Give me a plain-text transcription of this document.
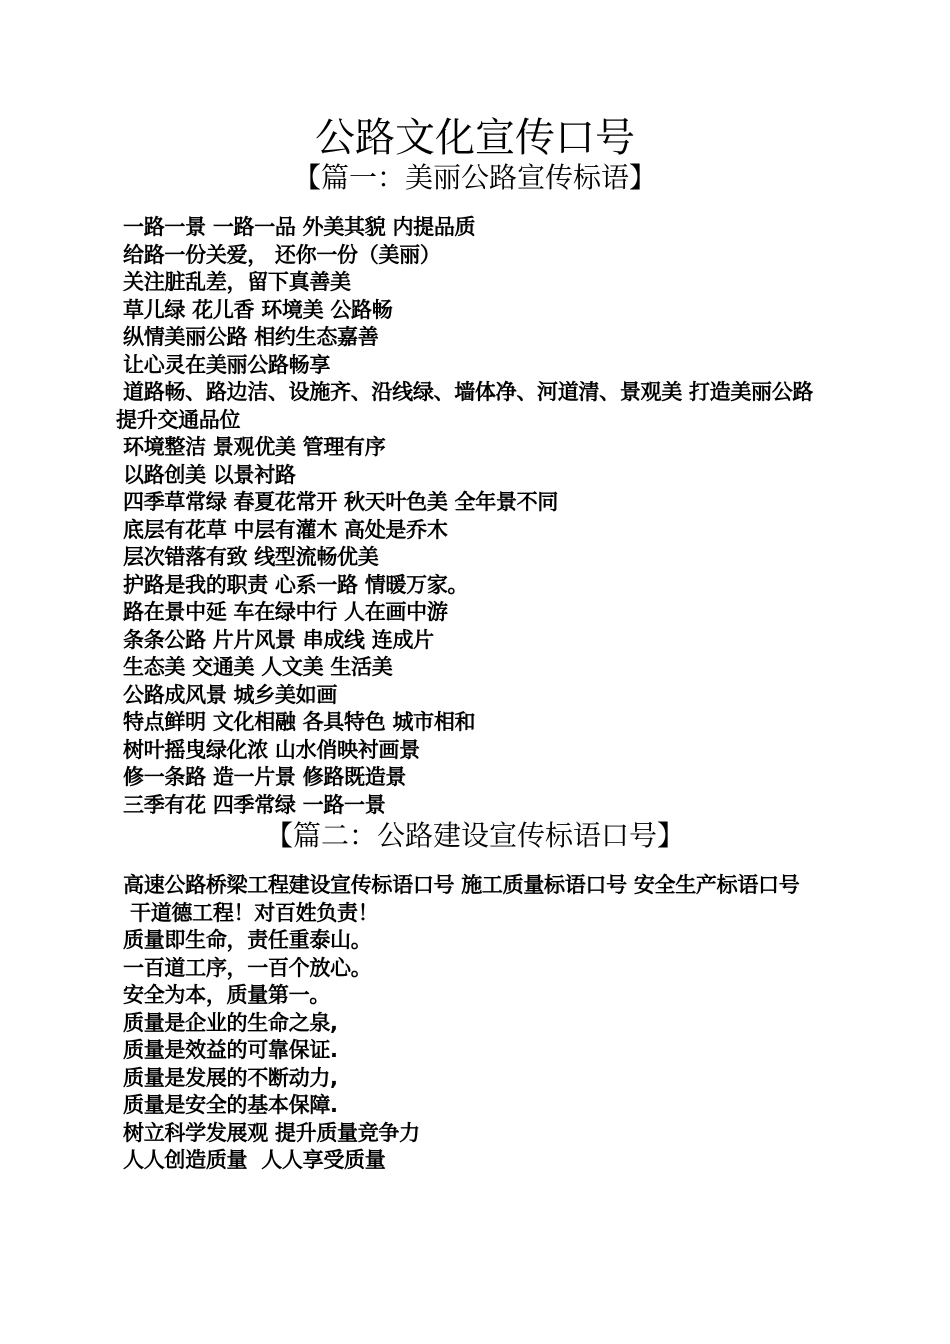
公路文化宣传口号
【篇一：美丽公路宣传标语】
一路一景 一路一品 外美其貌 内提品质
给路一份关爱， 还你一份（美丽）
关注脏乱差，留下真善美
草儿绿 花儿香 环境美 公路畅
纵情美丽公路 相约生态嘉善
让心灵在美丽公路畅享
道路畅、路边洁、设施齐、沿线绿、墙体净、河道清、景观美 打造美丽公路 提升交通品位
环境整洁 景观优美 管理有序
以路创美 以景衬路
四季草常绿 春夏花常开 秋天叶色美 全年景不同
底层有花草 中层有灌木 高处是乔木
层次错落有致 线型流畅优美
护路是我的职责 心系一路 情暖万家。
路在景中延 车在绿中行 人在画中游
条条公路 片片风景 串成线 连成片
生态美 交通美 人文美 生活美
公路成风景 城乡美如画
特点鲜明 文化相融 各具特色 城市相和
树叶摇曳绿化浓 山水俏映衬画景
修一条路 造一片景 修路既造景
三季有花 四季常绿 一路一景
【篇二：公路建设宣传标语口号】
高速公路桥梁工程建设宣传标语口号 施工质量标语口号 安全生产标语口号
干道德工程！对百姓负责！
质量即生命，责任重泰山。
一百道工序，一百个放心。
安全为本，质量第一。
质量是企业的生命之泉,
质量是效益的可靠保证.
质量是发展的不断动力,
质量是安全的基本保障.
树立科学发展观 提升质量竞争力
人人创造质量  人人享受质量
